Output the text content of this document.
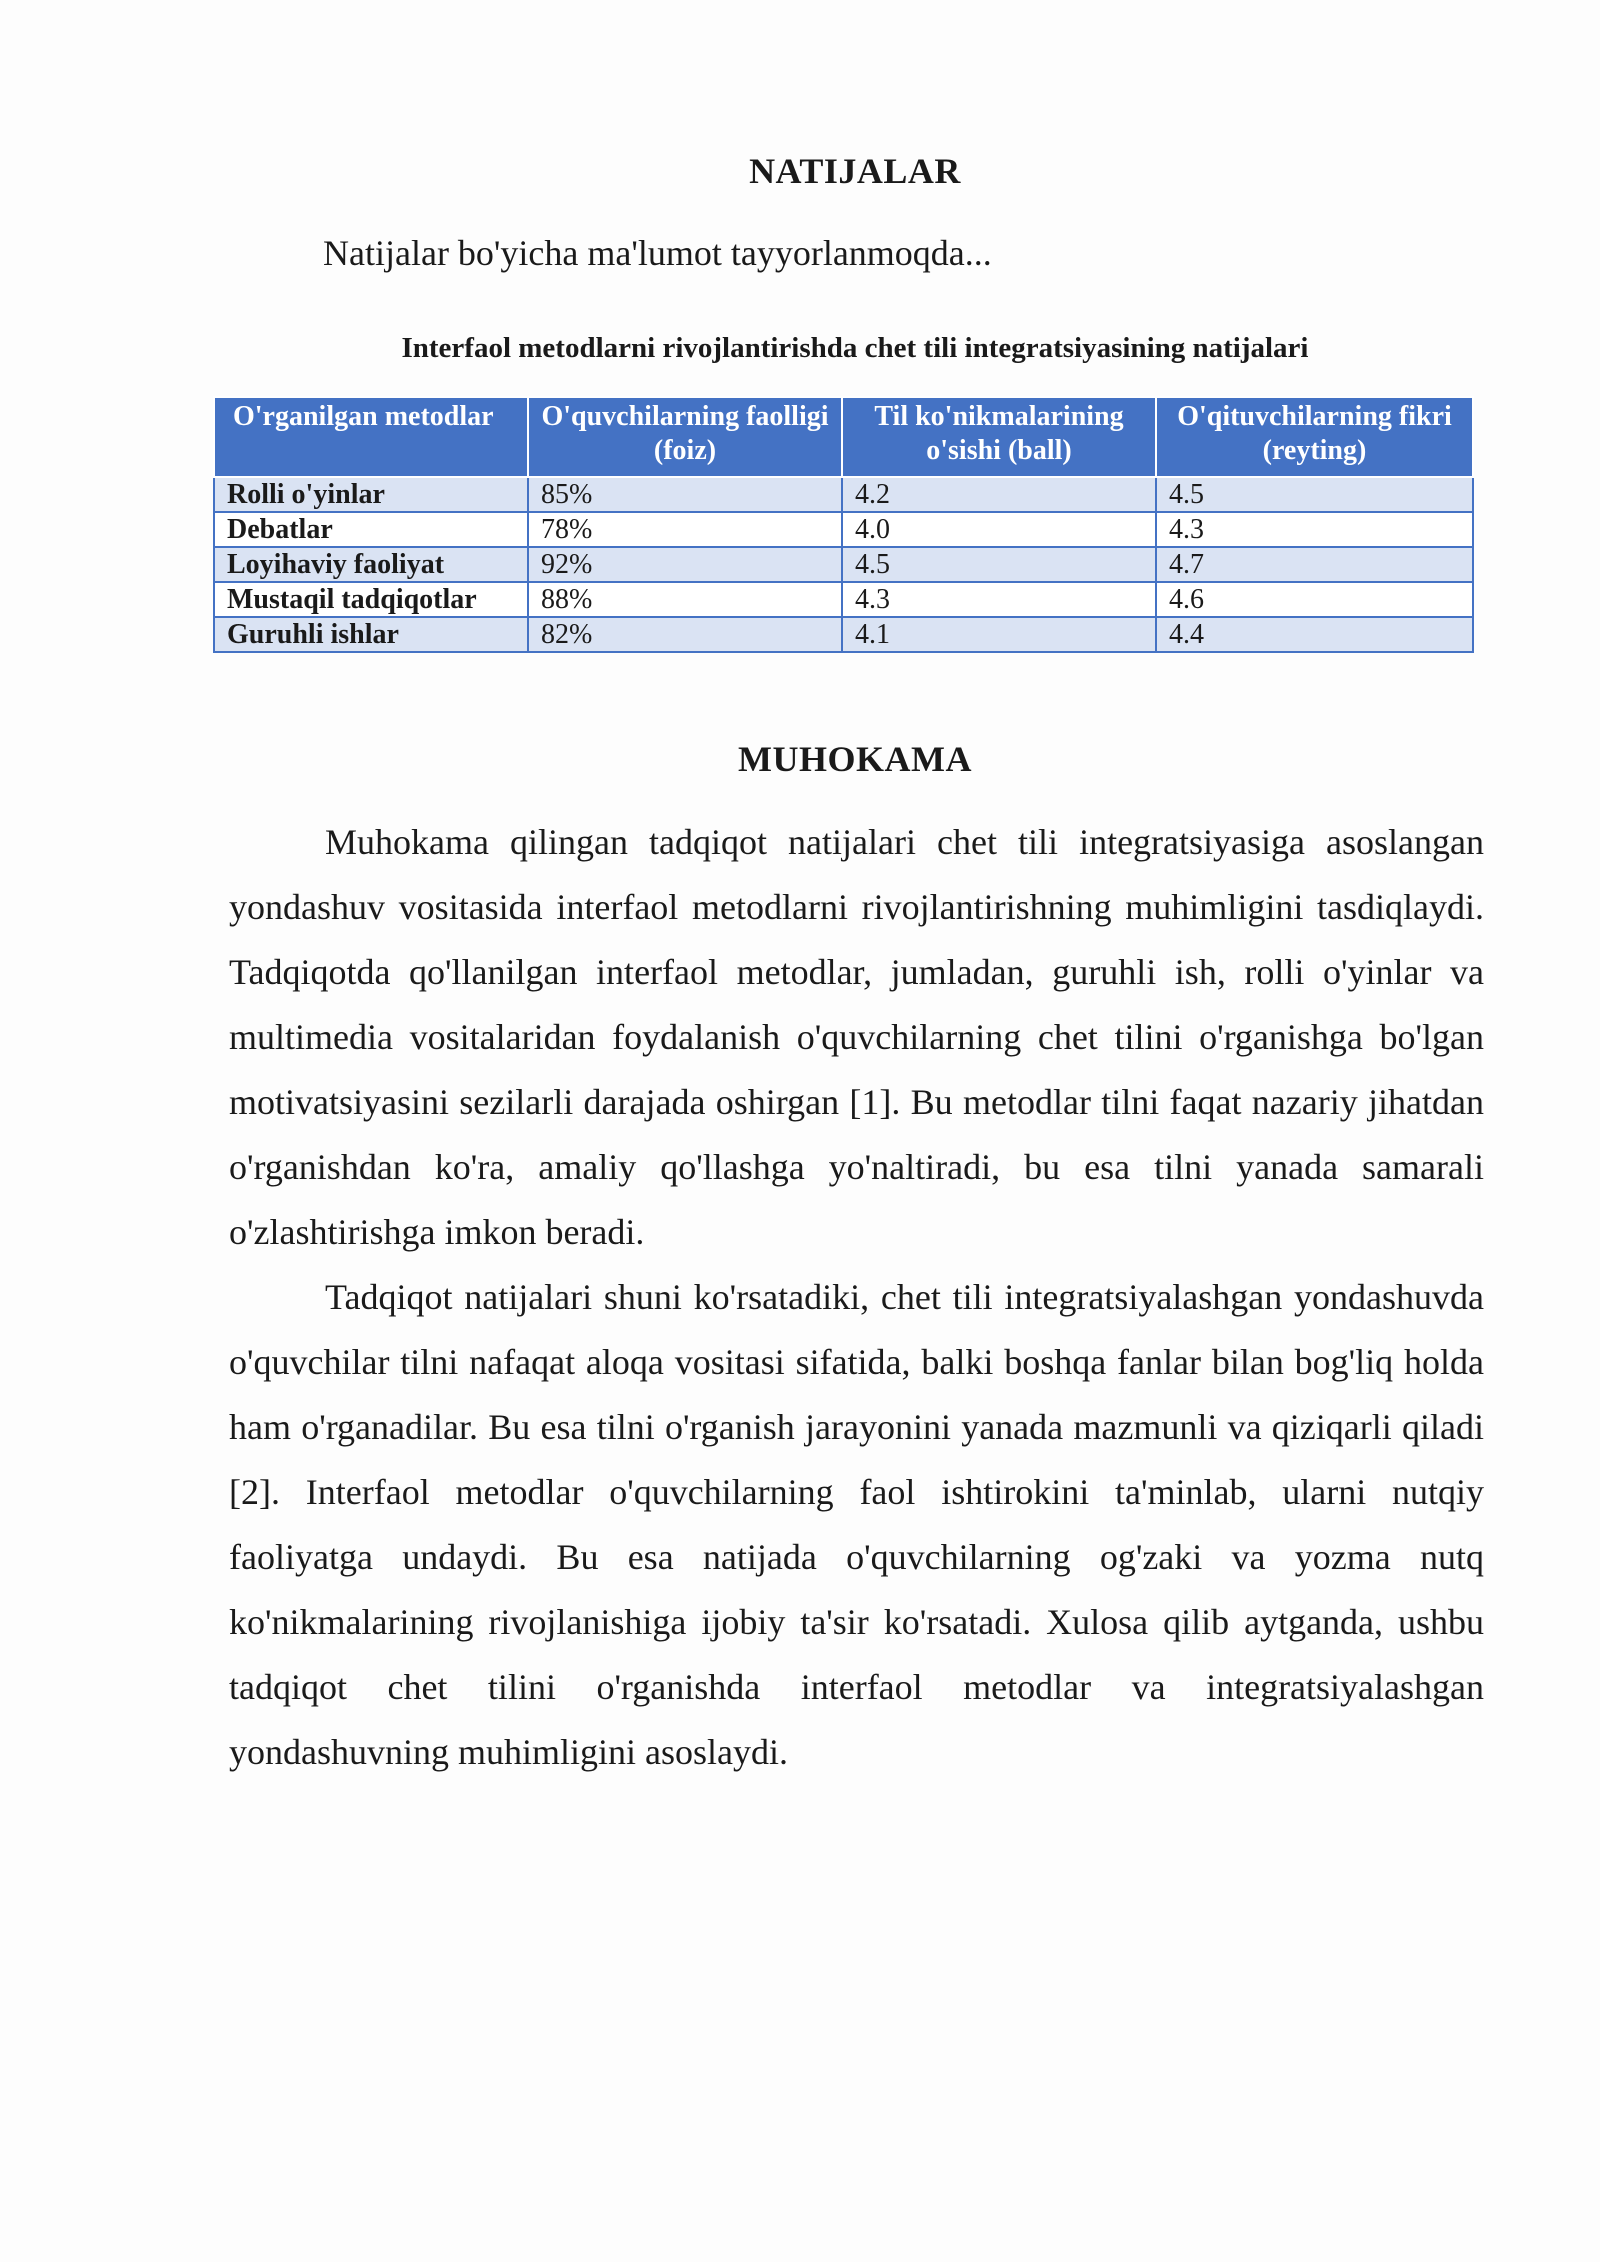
NATIJALAR
Natijalar bo'yicha ma'lumot tayyorlanmoqda...
Interfaol metodlarni rivojlantirishda chet tili integratsiyasining natijalari
O'rganilgan metodlar	O'quvchilarning faolligi (foiz)	Til ko'nikmalarining o'sishi (ball)	O'qituvchilarning fikri (reyting)
Rolli o'yinlar	85%	4.2	4.5
Debatlar	78%	4.0	4.3
Loyihaviy faoliyat	92%	4.5	4.7
Mustaqil tadqiqotlar	88%	4.3	4.6
Guruhli ishlar	82%	4.1	4.4
MUHOKAMA

Muhokama qilingan tadqiqot natijalari chet tili integratsiyasiga asoslangan yondashuv vositasida interfaol metodlarni rivojlantirishning muhimligini tasdiqlaydi. Tadqiqotda qo'llanilgan interfaol metodlar, jumladan, guruhli ish, rolli o'yinlar va multimedia vositalaridan foydalanish o'quvchilarning chet tilini o'rganishga bo'lgan motivatsiyasini sezilarli darajada oshirgan [1]. Bu metodlar tilni faqat nazariy jihatdan o'rganishdan ko'ra, amaliy qo'llashga yo'naltiradi, bu esa tilni yanada samarali o'zlashtirishga imkon beradi.

Tadqiqot natijalari shuni ko'rsatadiki, chet tili integratsiyalashgan yondashuvda o'quvchilar tilni nafaqat aloqa vositasi sifatida, balki boshqa fanlar bilan bog'liq holda ham o'rganadilar. Bu esa tilni o'rganish jarayonini yanada mazmunli va qiziqarli qiladi [2]. Interfaol metodlar o'quvchilarning faol ishtirokini ta'minlab, ularni nutqiy faoliyatga undaydi. Bu esa natijada o'quvchilarning og'zaki va yozma nutq ko'nikmalarining rivojlanishiga ijobiy ta'sir ko'rsatadi. Xulosa qilib aytganda, ushbu tadqiqot chet tilini o'rganishda interfaol metodlar va integratsiyalashgan yondashuvning muhimligini asoslaydi.
